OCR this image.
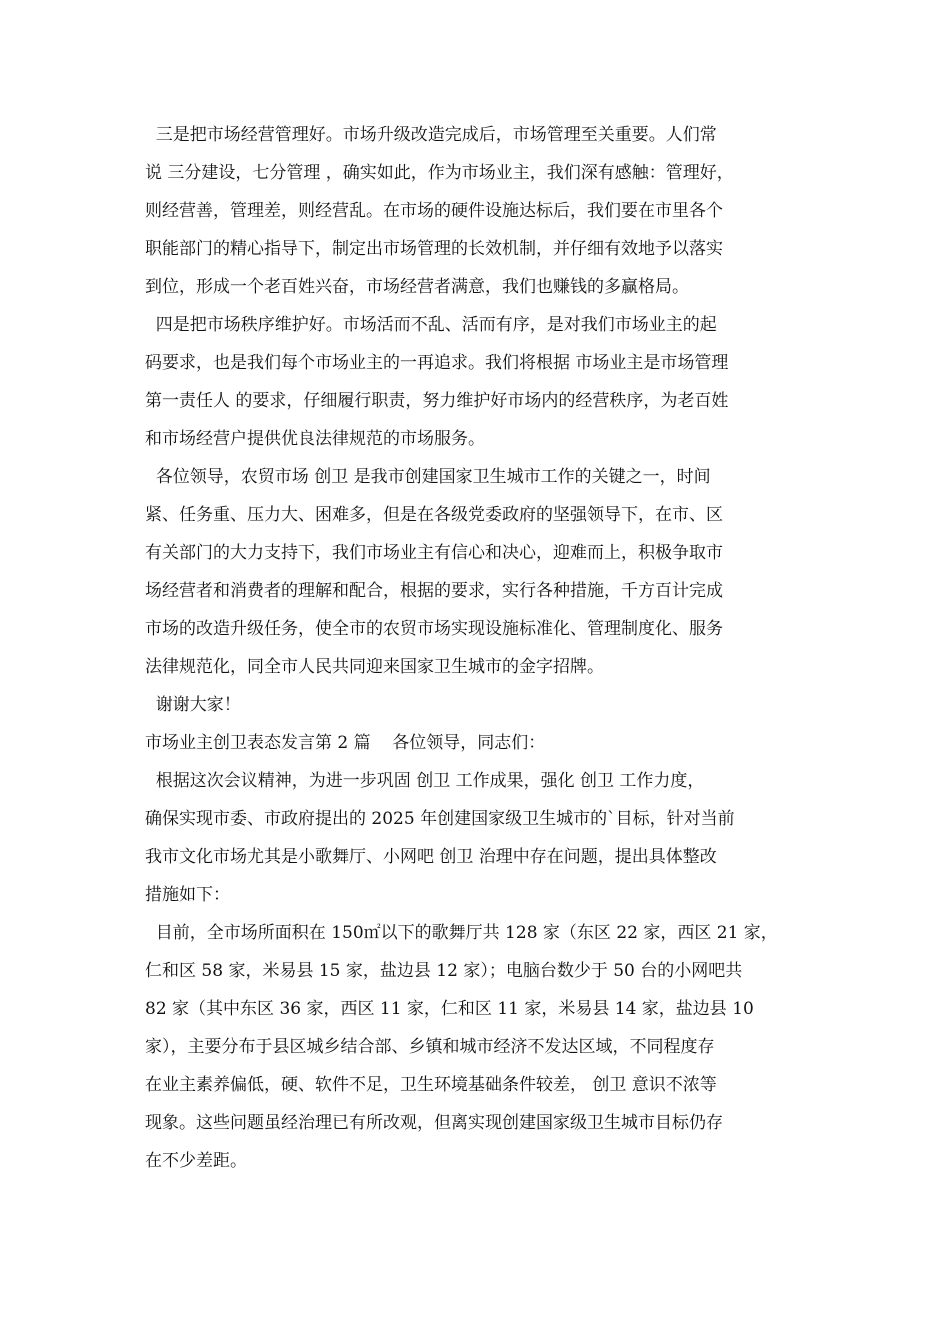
三是把市场经营管理好。市场升级改造完成后，市场管理至关重要。人们常
说 三分建设，七分管理 ，确实如此，作为市场业主，我们深有感触：管理好，
则经营善，管理差，则经营乱。在市场的硬件设施达标后，我们要在市里各个
职能部门的精心指导下，制定出市场管理的长效机制，并仔细有效地予以落实
到位，形成一个老百姓兴奋，市场经营者满意，我们也赚钱的多赢格局。
四是把市场秩序维护好。市场活而不乱、活而有序，是对我们市场业主的起
码要求，也是我们每个市场业主的一再追求。我们将根据 市场业主是市场管理
第一责任人 的要求，仔细履行职责，努力维护好市场内的经营秩序，为老百姓
和市场经营户提供优良法律规范的市场服务。
各位领导，农贸市场 创卫 是我市创建国家卫生城市工作的关键之一，时间
紧、任务重、压力大、困难多，但是在各级党委政府的坚强领导下，在市、区
有关部门的大力支持下，我们市场业主有信心和决心，迎难而上，积极争取市
场经营者和消费者的理解和配合，根据的要求，实行各种措施，千方百计完成
市场的改造升级任务，使全市的农贸市场实现设施标准化、管理制度化、服务
法律规范化，同全市人民共同迎来国家卫生城市的金字招牌。
谢谢大家！
市场业主创卫表态发言第 2 篇    各位领导，同志们：
根据这次会议精神，为进一步巩固 创卫 工作成果，强化 创卫 工作力度，
确保实现市委、市政府提出的 2025 年创建国家级卫生城市的`目标，针对当前
我市文化市场尤其是小歌舞厅、小网吧 创卫 治理中存在问题，提出具体整改
措施如下：
目前，全市场所面积在 150㎡以下的歌舞厅共 128 家（东区 22 家，西区 21 家，
仁和区 58 家，米易县 15 家，盐边县 12 家）；电脑台数少于 50 台的小网吧共
82 家（其中东区 36 家，西区 11 家，仁和区 11 家，米易县 14 家，盐边县 10
家），主要分布于县区城乡结合部、乡镇和城市经济不发达区域，不同程度存
在业主素养偏低，硬、软件不足，卫生环境基础条件较差， 创卫 意识不浓等
现象。这些问题虽经治理已有所改观，但离实现创建国家级卫生城市目标仍存
在不少差距。
